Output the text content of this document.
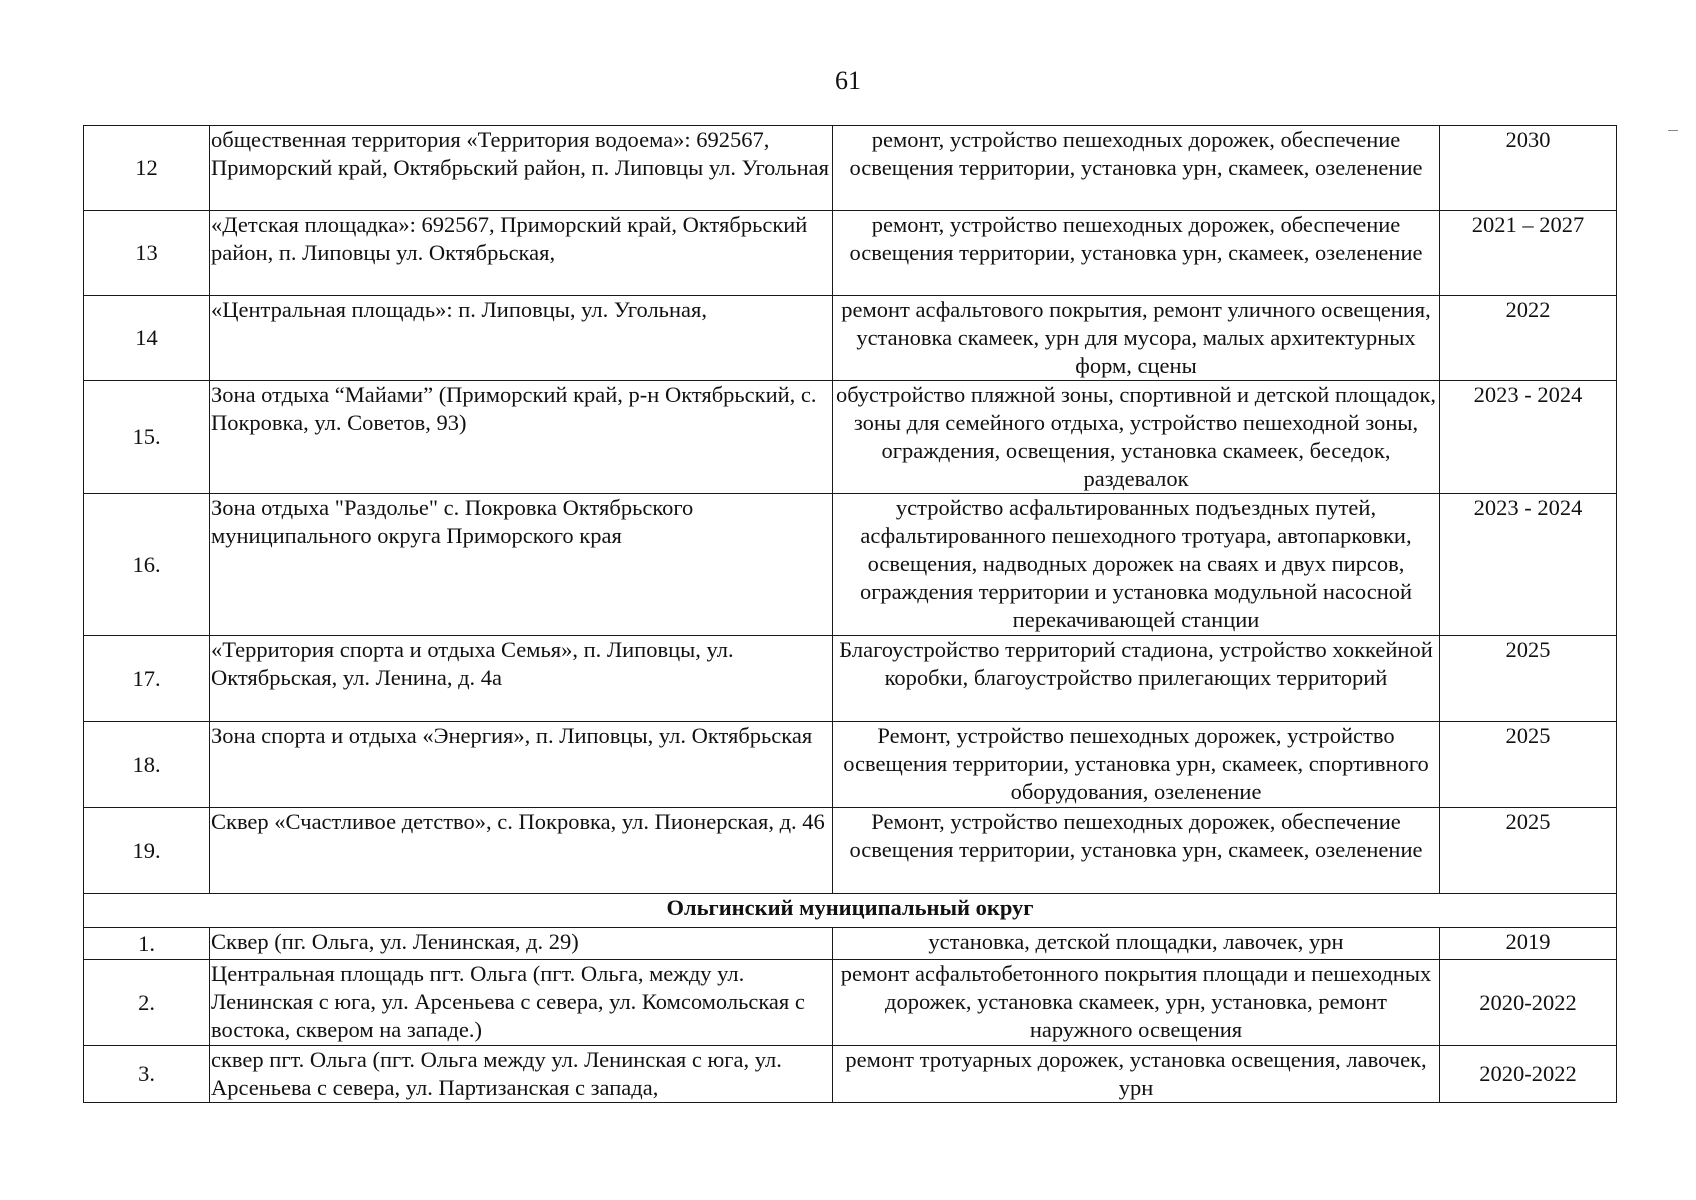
61
12	общественная территория «Территория водоема»: 692567, Приморский край, Октябрьский район, п. Липовцы ул. Угольная	ремонт, устройство пешеходных дорожек, обеспечение освещения территории, установка урн, скамеек, озеленение	2030
13	«Детская площадка»: 692567, Приморский край, Октябрьский район, п. Липовцы ул. Октябрьская,	ремонт, устройство пешеходных дорожек, обеспечение освещения территории, установка урн, скамеек, озеленение	2021 – 2027
14	«Центральная площадь»: п. Липовцы, ул. Угольная,	ремонт асфальтового покрытия, ремонт уличного освещения, установка скамеек, урн для мусора, малых архитектурных форм, сцены	2022
15.	Зона отдыха “Майами” (Приморский край, р-н Октябрьский, с. Покровка, ул. Советов, 93)	обустройство пляжной зоны, спортивной и детской площадок, зоны для семейного отдыха, устройство пешеходной зоны, ограждения, освещения, установка скамеек, беседок, раздевалок	2023 - 2024
16.	Зона отдыха "Раздолье" с. Покровка Октябрьского муниципального округа Приморского края	устройство асфальтированных подъездных путей, асфальтированного пешеходного тротуара, автопарковки, освещения, надводных дорожек на сваях и двух пирсов, ограждения территории и установка модульной насосной перекачивающей станции	2023 - 2024
17.	«Территория спорта и отдыха Семья», п. Липовцы, ул. Октябрьская, ул. Ленина, д. 4а	Благоустройство территорий стадиона, устройство хоккейной коробки, благоустройство прилегающих территорий	2025
18.	Зона спорта и отдыха «Энергия», п. Липовцы, ул. Октябрьская	Ремонт, устройство пешеходных дорожек, устройство освещения территории, установка урн, скамеек, спортивного оборудования, озеленение	2025
19.	Сквер «Счастливое детство», с. Покровка, ул. Пионерская, д. 46	Ремонт, устройство пешеходных дорожек, обеспечение освещения территории, установка урн, скамеек, озеленение	2025
Ольгинский муниципальный округ			
1.	Сквер (пг. Ольга, ул. Ленинская, д. 29)	установка, детской площадки, лавочек, урн	2019
2.	Центральная площадь пгт. Ольга (пгт. Ольга, между ул. Ленинская с юга, ул. Арсеньева с севера, ул. Комсомольская с востока, сквером на западе.)	ремонт асфальтобетонного покрытия площади и пешеходных дорожек, установка скамеек, урн, установка, ремонт наружного освещения	2020-2022
3.	сквер пгт. Ольга (пгт. Ольга между ул. Ленинская с юга, ул. Арсеньева с севера, ул. Партизанская с запада,	ремонт тротуарных дорожек, установка освещения, лавочек, урн	2020-2022
